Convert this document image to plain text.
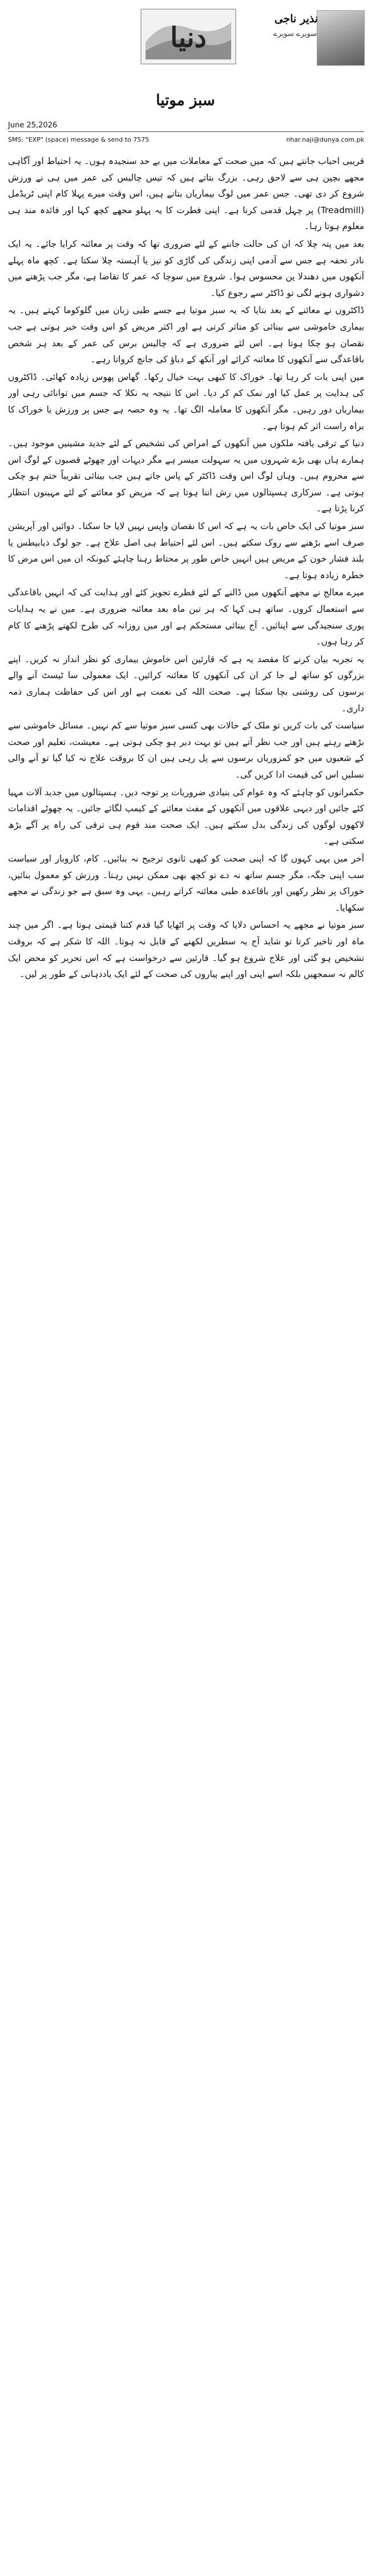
دنیا
نذیر ناجی
سویرے سویرے
سبز موتیا
June 25,2026
SMS: "EXP" (space) message & send to 7575	nhar.naji@dunya.com.pk

قریبی احباب جانتے ہیں کہ میں صحت کے معاملات میں بے حد سنجیدہ ہوں۔ یہ احتیاط اور آگاہی مجھے بچپن ہی سے لاحق رہی۔ بزرگ بتاتے ہیں کہ تیس چالیس کی عمر میں ہی نے ورزش شروع کر دی تھی۔ جس عمر میں لوگ بیماریاں بتاتے ہیں، اس وقت میرے پہلا کام اپنی ٹریڈمل (Treadmill) پر چہل قدمی کرنا ہے۔ اپنی فطرت کا یہ پہلو مجھے کچھ کہا اور فائدہ مند ہی معلوم ہوتا رہا۔

بعد میں پتہ چلا کہ ان کی حالت جاننے کے لئے ضروری تھا کہ وقت پر معائنہ کرایا جائے۔ یہ ایک نادر تحفہ ہے جس سے آدمی اپنی زندگی کی گاڑی کو تیز یا آہستہ چلا سکتا ہے۔ کچھ ماہ پہلے آنکھوں میں دھندلا پن محسوس ہوا۔ شروع میں سوچا کہ عمر کا تقاضا ہے، مگر جب پڑھنے میں دشواری ہونے لگی تو ڈاکٹر سے رجوع کیا۔

ڈاکٹروں نے معائنے کے بعد بتایا کہ یہ سبز موتیا ہے جسے طبی زبان میں گلوکوما کہتے ہیں۔ یہ بیماری خاموشی سے بینائی کو متاثر کرتی ہے اور اکثر مریض کو اس وقت خبر ہوتی ہے جب نقصان ہو چکا ہوتا ہے۔ اس لئے ضروری ہے کہ چالیس برس کی عمر کے بعد ہر شخص باقاعدگی سے آنکھوں کا معائنہ کرائے اور آنکھ کے دباؤ کی جانچ کرواتا رہے۔

میں اپنی بات کر رہا تھا۔ خوراک کا کبھی بہت خیال رکھا۔ گھاس پھوس زیادہ کھائی۔ ڈاکٹروں کی ہدایت پر عمل کیا اور نمک کم کر دیا۔ اس کا نتیجہ یہ نکلا کہ جسم میں توانائی رہی اور بیماریاں دور رہیں۔ مگر آنکھوں کا معاملہ الگ تھا۔ یہ وہ حصہ ہے جس پر ورزش یا خوراک کا براہ راست اثر کم ہوتا ہے۔

دنیا کے ترقی یافتہ ملکوں میں آنکھوں کے امراض کی تشخیص کے لئے جدید مشینیں موجود ہیں۔ ہمارے ہاں بھی بڑے شہروں میں یہ سہولت میسر ہے مگر دیہات اور چھوٹے قصبوں کے لوگ اس سے محروم ہیں۔ وہاں لوگ اس وقت ڈاکٹر کے پاس جاتے ہیں جب بینائی تقریباً ختم ہو چکی ہوتی ہے۔ سرکاری ہسپتالوں میں رش اتنا ہوتا ہے کہ مریض کو معائنے کے لئے مہینوں انتظار کرنا پڑتا ہے۔

سبز موتیا کی ایک خاص بات یہ ہے کہ اس کا نقصان واپس نہیں لایا جا سکتا۔ دوائیں اور آپریشن صرف اسے بڑھنے سے روک سکتے ہیں۔ اس لئے احتیاط ہی اصل علاج ہے۔ جو لوگ ذیابیطس یا بلند فشار خون کے مریض ہیں انہیں خاص طور پر محتاط رہنا چاہئے کیونکہ ان میں اس مرض کا خطرہ زیادہ ہوتا ہے۔

میرے معالج نے مجھے آنکھوں میں ڈالنے کے لئے قطرے تجویز کئے اور ہدایت کی کہ انہیں باقاعدگی سے استعمال کروں۔ ساتھ ہی کہا کہ ہر تین ماہ بعد معائنہ ضروری ہے۔ میں نے یہ ہدایات پوری سنجیدگی سے اپنائیں۔ آج بینائی مستحکم ہے اور میں روزانہ کی طرح لکھنے پڑھنے کا کام کر رہا ہوں۔

یہ تجربہ بیان کرنے کا مقصد یہ ہے کہ قارئین اس خاموش بیماری کو نظر انداز نہ کریں۔ اپنے بزرگوں کو ساتھ لے جا کر ان کی آنکھوں کا معائنہ کرائیں۔ ایک معمولی سا ٹیسٹ آنے والے برسوں کی روشنی بچا سکتا ہے۔ صحت اللہ کی نعمت ہے اور اس کی حفاظت ہماری ذمہ داری۔

سیاست کی بات کریں تو ملک کے حالات بھی کسی سبز موتیا سے کم نہیں۔ مسائل خاموشی سے بڑھتے رہتے ہیں اور جب نظر آتے ہیں تو بہت دیر ہو چکی ہوتی ہے۔ معیشت، تعلیم اور صحت کے شعبوں میں جو کمزوریاں برسوں سے پل رہی ہیں ان کا بروقت علاج نہ کیا گیا تو آنے والی نسلیں اس کی قیمت ادا کریں گی۔

حکمرانوں کو چاہئے کہ وہ عوام کی بنیادی ضروریات پر توجہ دیں۔ ہسپتالوں میں جدید آلات مہیا کئے جائیں اور دیہی علاقوں میں آنکھوں کے مفت معائنے کے کیمپ لگائے جائیں۔ یہ چھوٹے اقدامات لاکھوں لوگوں کی زندگی بدل سکتے ہیں۔ ایک صحت مند قوم ہی ترقی کی راہ پر آگے بڑھ سکتی ہے۔

آخر میں یہی کہوں گا کہ اپنی صحت کو کبھی ثانوی ترجیح نہ بنائیں۔ کام، کاروبار اور سیاست سب اپنی جگہ، مگر جسم ساتھ نہ دے تو کچھ بھی ممکن نہیں رہتا۔ ورزش کو معمول بنائیں، خوراک پر نظر رکھیں اور باقاعدہ طبی معائنہ کراتے رہیں۔ یہی وہ سبق ہے جو زندگی نے مجھے سکھایا۔

سبز موتیا نے مجھے یہ احساس دلایا کہ وقت پر اٹھایا گیا قدم کتنا قیمتی ہوتا ہے۔ اگر میں چند ماہ اور تاخیر کرتا تو شاید آج یہ سطریں لکھنے کے قابل نہ ہوتا۔ اللہ کا شکر ہے کہ بروقت تشخیص ہو گئی اور علاج شروع ہو گیا۔ قارئین سے درخواست ہے کہ اس تحریر کو محض ایک کالم نہ سمجھیں بلکہ اسے اپنی اور اپنے پیاروں کی صحت کے لئے ایک یاددہانی کے طور پر لیں۔
